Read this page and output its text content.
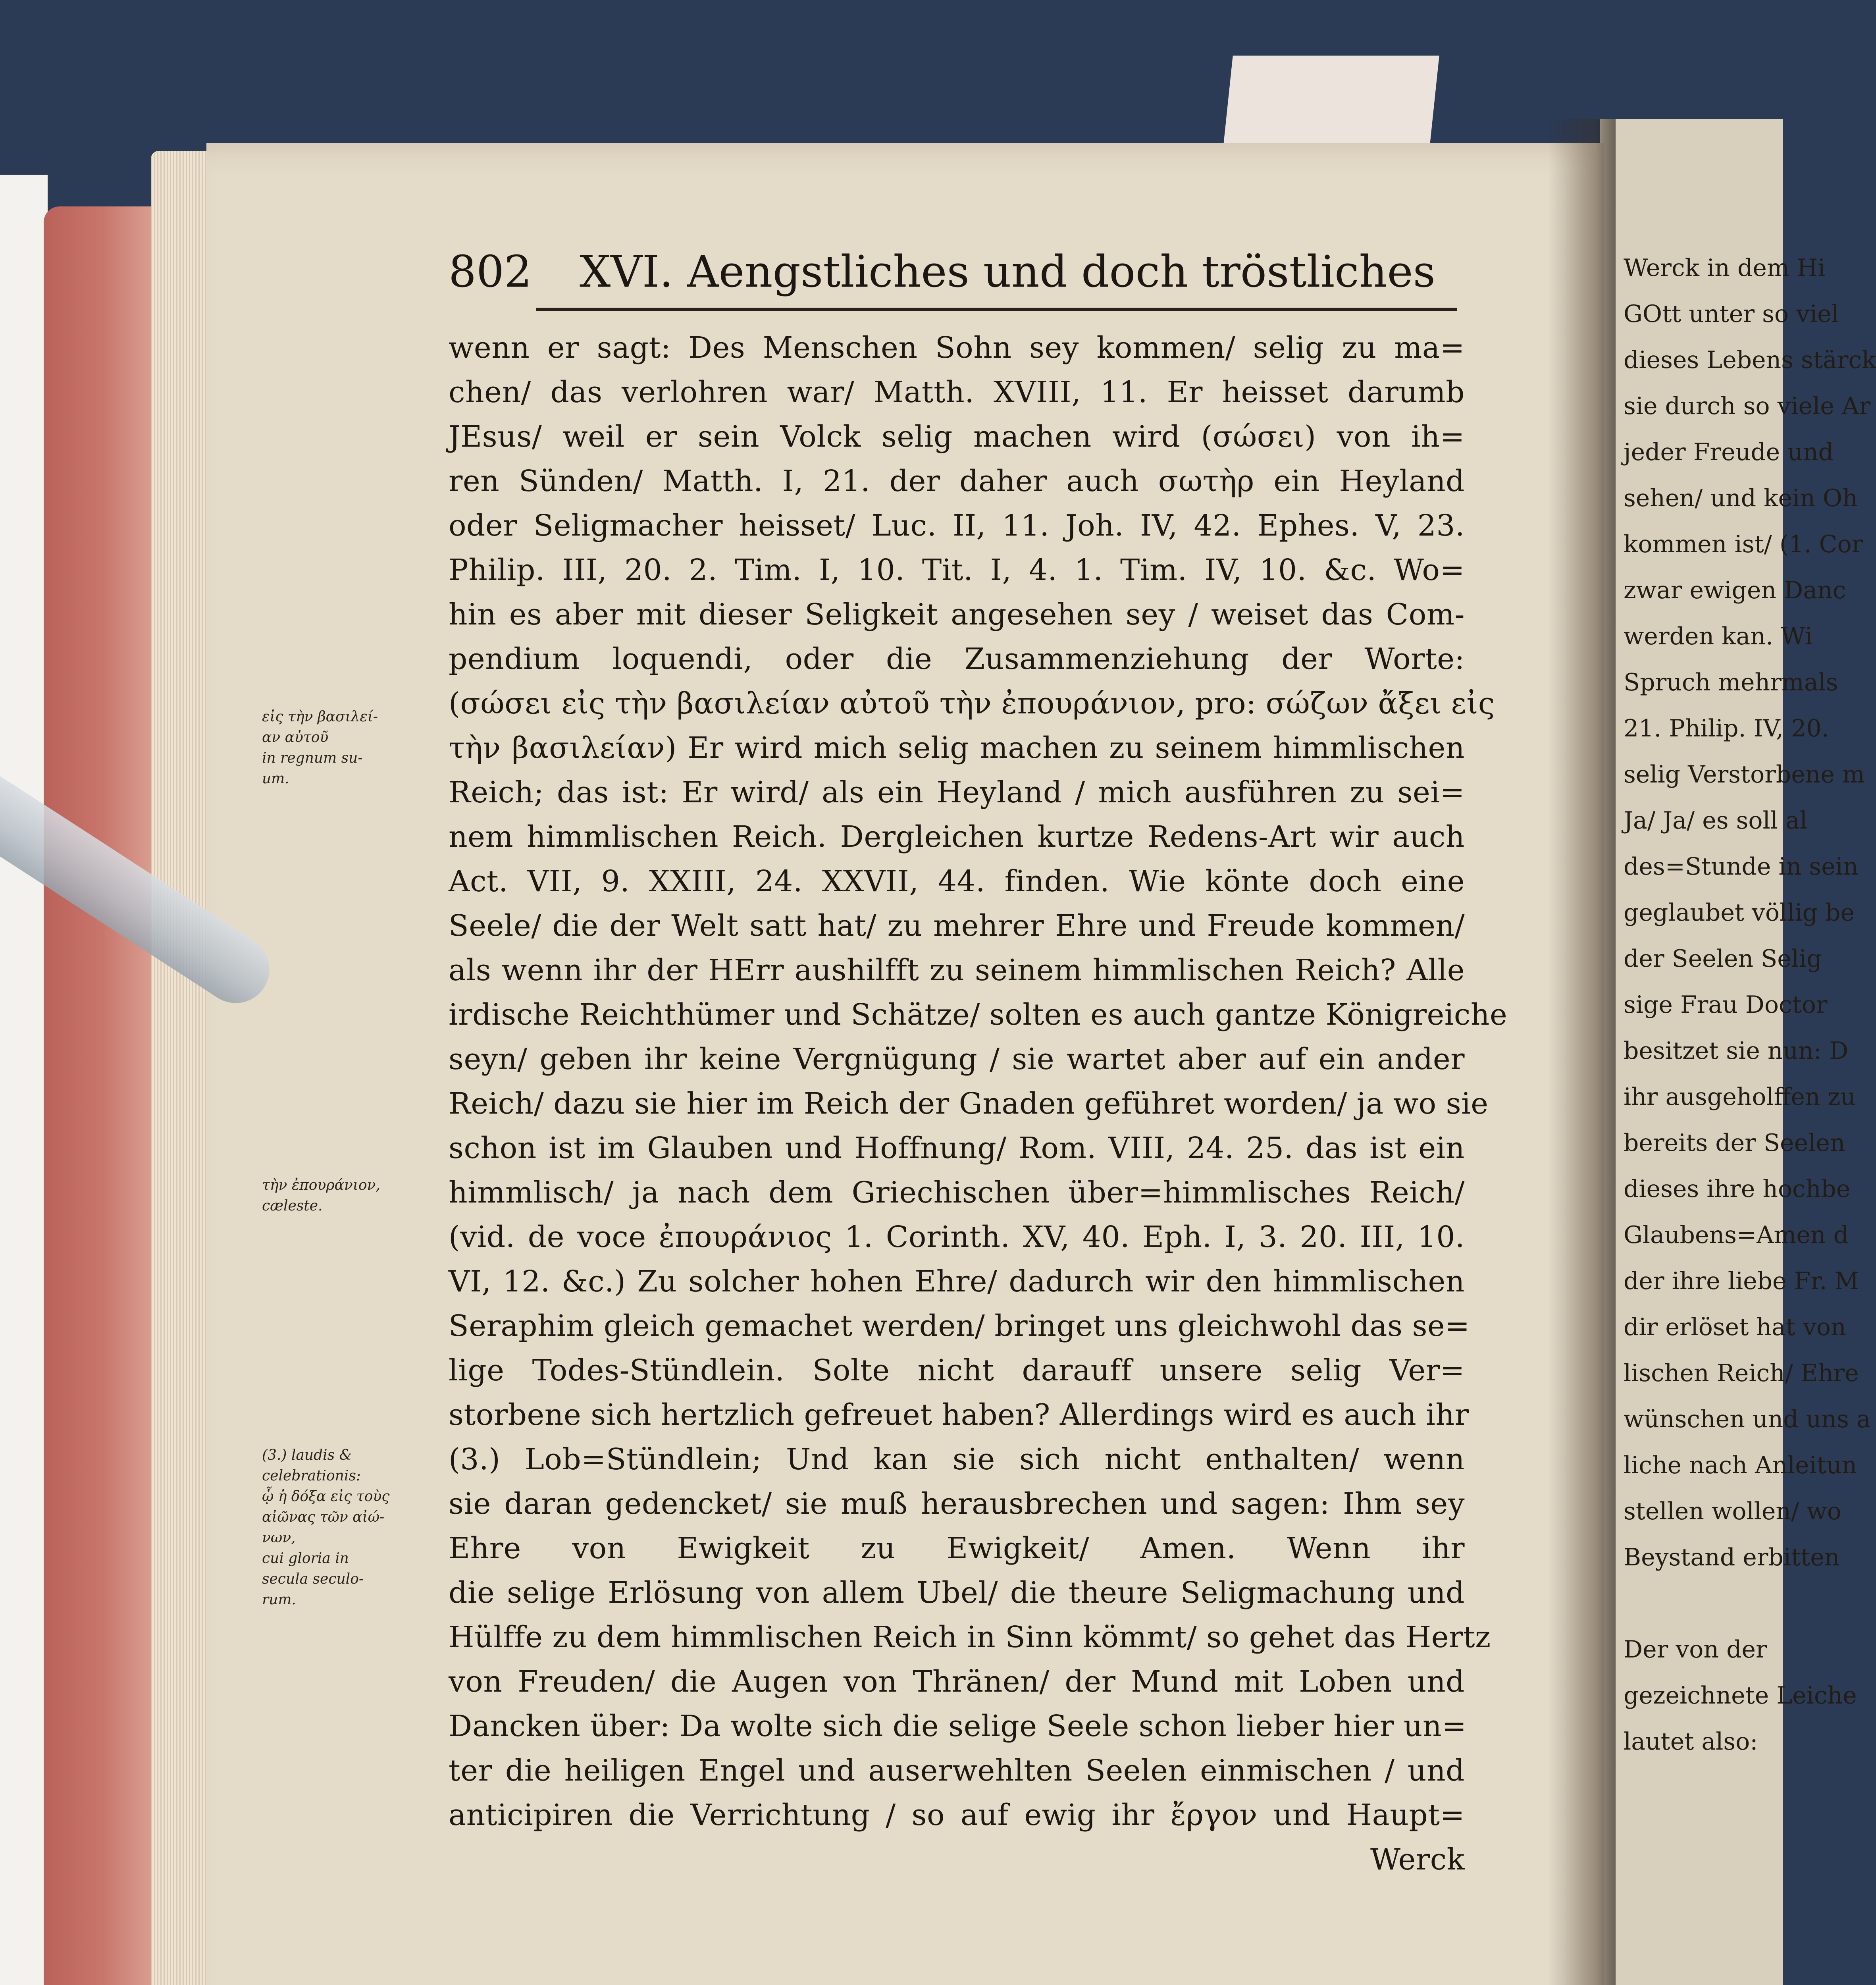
802 XVI. Aengstliches und doch tröstliches
wenn er sagt: Des Menschen Sohn sey kommen/ selig zu ma=
chen/ das verlohren war/ Matth. XVIII, 11. Er heisset darumb
JEsus/ weil er sein Volck selig machen wird (σώσει) von ih=
ren Sünden/ Matth. I, 21. der daher auch σωτὴρ ein Heyland
oder Seligmacher heisset/ Luc. II, 11. Joh. IV, 42. Ephes. V, 23.
Philip. III, 20. 2. Tim. I, 10. Tit. I, 4. 1. Tim. IV, 10. &c. Wo=
hin es aber mit dieser Seligkeit angesehen sey / weiset das Com-
pendium loquendi, oder die Zusammenziehung der Worte:
(σώσει εἰς τὴν βασιλείαν αὐτοῦ τὴν ἐπουράνιον, pro: σώζων ἄξει εἰς
τὴν βασιλείαν) Er wird mich selig machen zu seinem himmlischen
Reich; das ist: Er wird/ als ein Heyland / mich ausführen zu sei=
nem himmlischen Reich. Dergleichen kurtze Redens-Art wir auch
Act. VII, 9. XXIII, 24. XXVII, 44. finden. Wie könte doch eine
Seele/ die der Welt satt hat/ zu mehrer Ehre und Freude kommen/
als wenn ihr der HErr aushilfft zu seinem himmlischen Reich? Alle
irdische Reichthümer und Schätze/ solten es auch gantze Königreiche
seyn/ geben ihr keine Vergnügung / sie wartet aber auf ein ander
Reich/ dazu sie hier im Reich der Gnaden geführet worden/ ja wo sie
schon ist im Glauben und Hoffnung/ Rom. VIII, 24. 25. das ist ein
himmlisch/ ja nach dem Griechischen über=himmlisches Reich/
(vid. de voce ἐπουράνιος 1. Corinth. XV, 40. Eph. I, 3. 20. III, 10.
VI, 12. &c.) Zu solcher hohen Ehre/ dadurch wir den himmlischen
Seraphim gleich gemachet werden/ bringet uns gleichwohl das se=
lige Todes-Stündlein. Solte nicht darauff unsere selig Ver=
storbene sich hertzlich gefreuet haben? Allerdings wird es auch ihr
(3.) Lob=Stündlein; Und kan sie sich nicht enthalten/ wenn
sie daran gedencket/ sie muß herausbrechen und sagen: Ihm sey
Ehre von Ewigkeit zu Ewigkeit/ Amen. Wenn ihr
die selige Erlösung von allem Ubel/ die theure Seligmachung und
Hülffe zu dem himmlischen Reich in Sinn kömmt/ so gehet das Hertz
von Freuden/ die Augen von Thränen/ der Mund mit Loben und
Dancken über: Da wolte sich die selige Seele schon lieber hier un=
ter die heiligen Engel und auserwehlten Seelen einmischen / und
anticipiren die Verrichtung / so auf ewig ihr ἔργον und Haupt=
Werck
εἰς τὴν βασιλεί-
αν αὐτοῦ
in regnum su-
um.
τὴν ἐπουράνιον,
cæleste.
(3.) laudis &
celebrationis:
ᾧ ἡ δόξα εἰς τοὺς
αἰῶνας τῶν αἰώ-
νων,
cui gloria in
secula seculo-
rum.
Werck in dem Hi
GOtt unter so viel
dieses Lebens stärck
sie durch so viele Ar
jeder Freude und
sehen/ und kein Oh
kommen ist/ (1. Cor
zwar ewigen Danc
werden kan. Wi
Spruch mehrmals
21. Philip. IV, 20.
selig Verstorbene m
Ja/ Ja/ es soll al
des=Stunde in sein
geglaubet völlig be
der Seelen Selig
sige Frau Doctor
besitzet sie nun: D
ihr ausgeholffen zu
bereits der Seelen
dieses ihre hochbe
Glaubens=Amen d
der ihre liebe Fr. M
dir erlöset hat von
lischen Reich/ Ehre
wünschen und uns a
liche nach Anleitun
stellen wollen/ wo
Beystand erbitten
Der von der
gezeichnete Leiche
lautet also:
